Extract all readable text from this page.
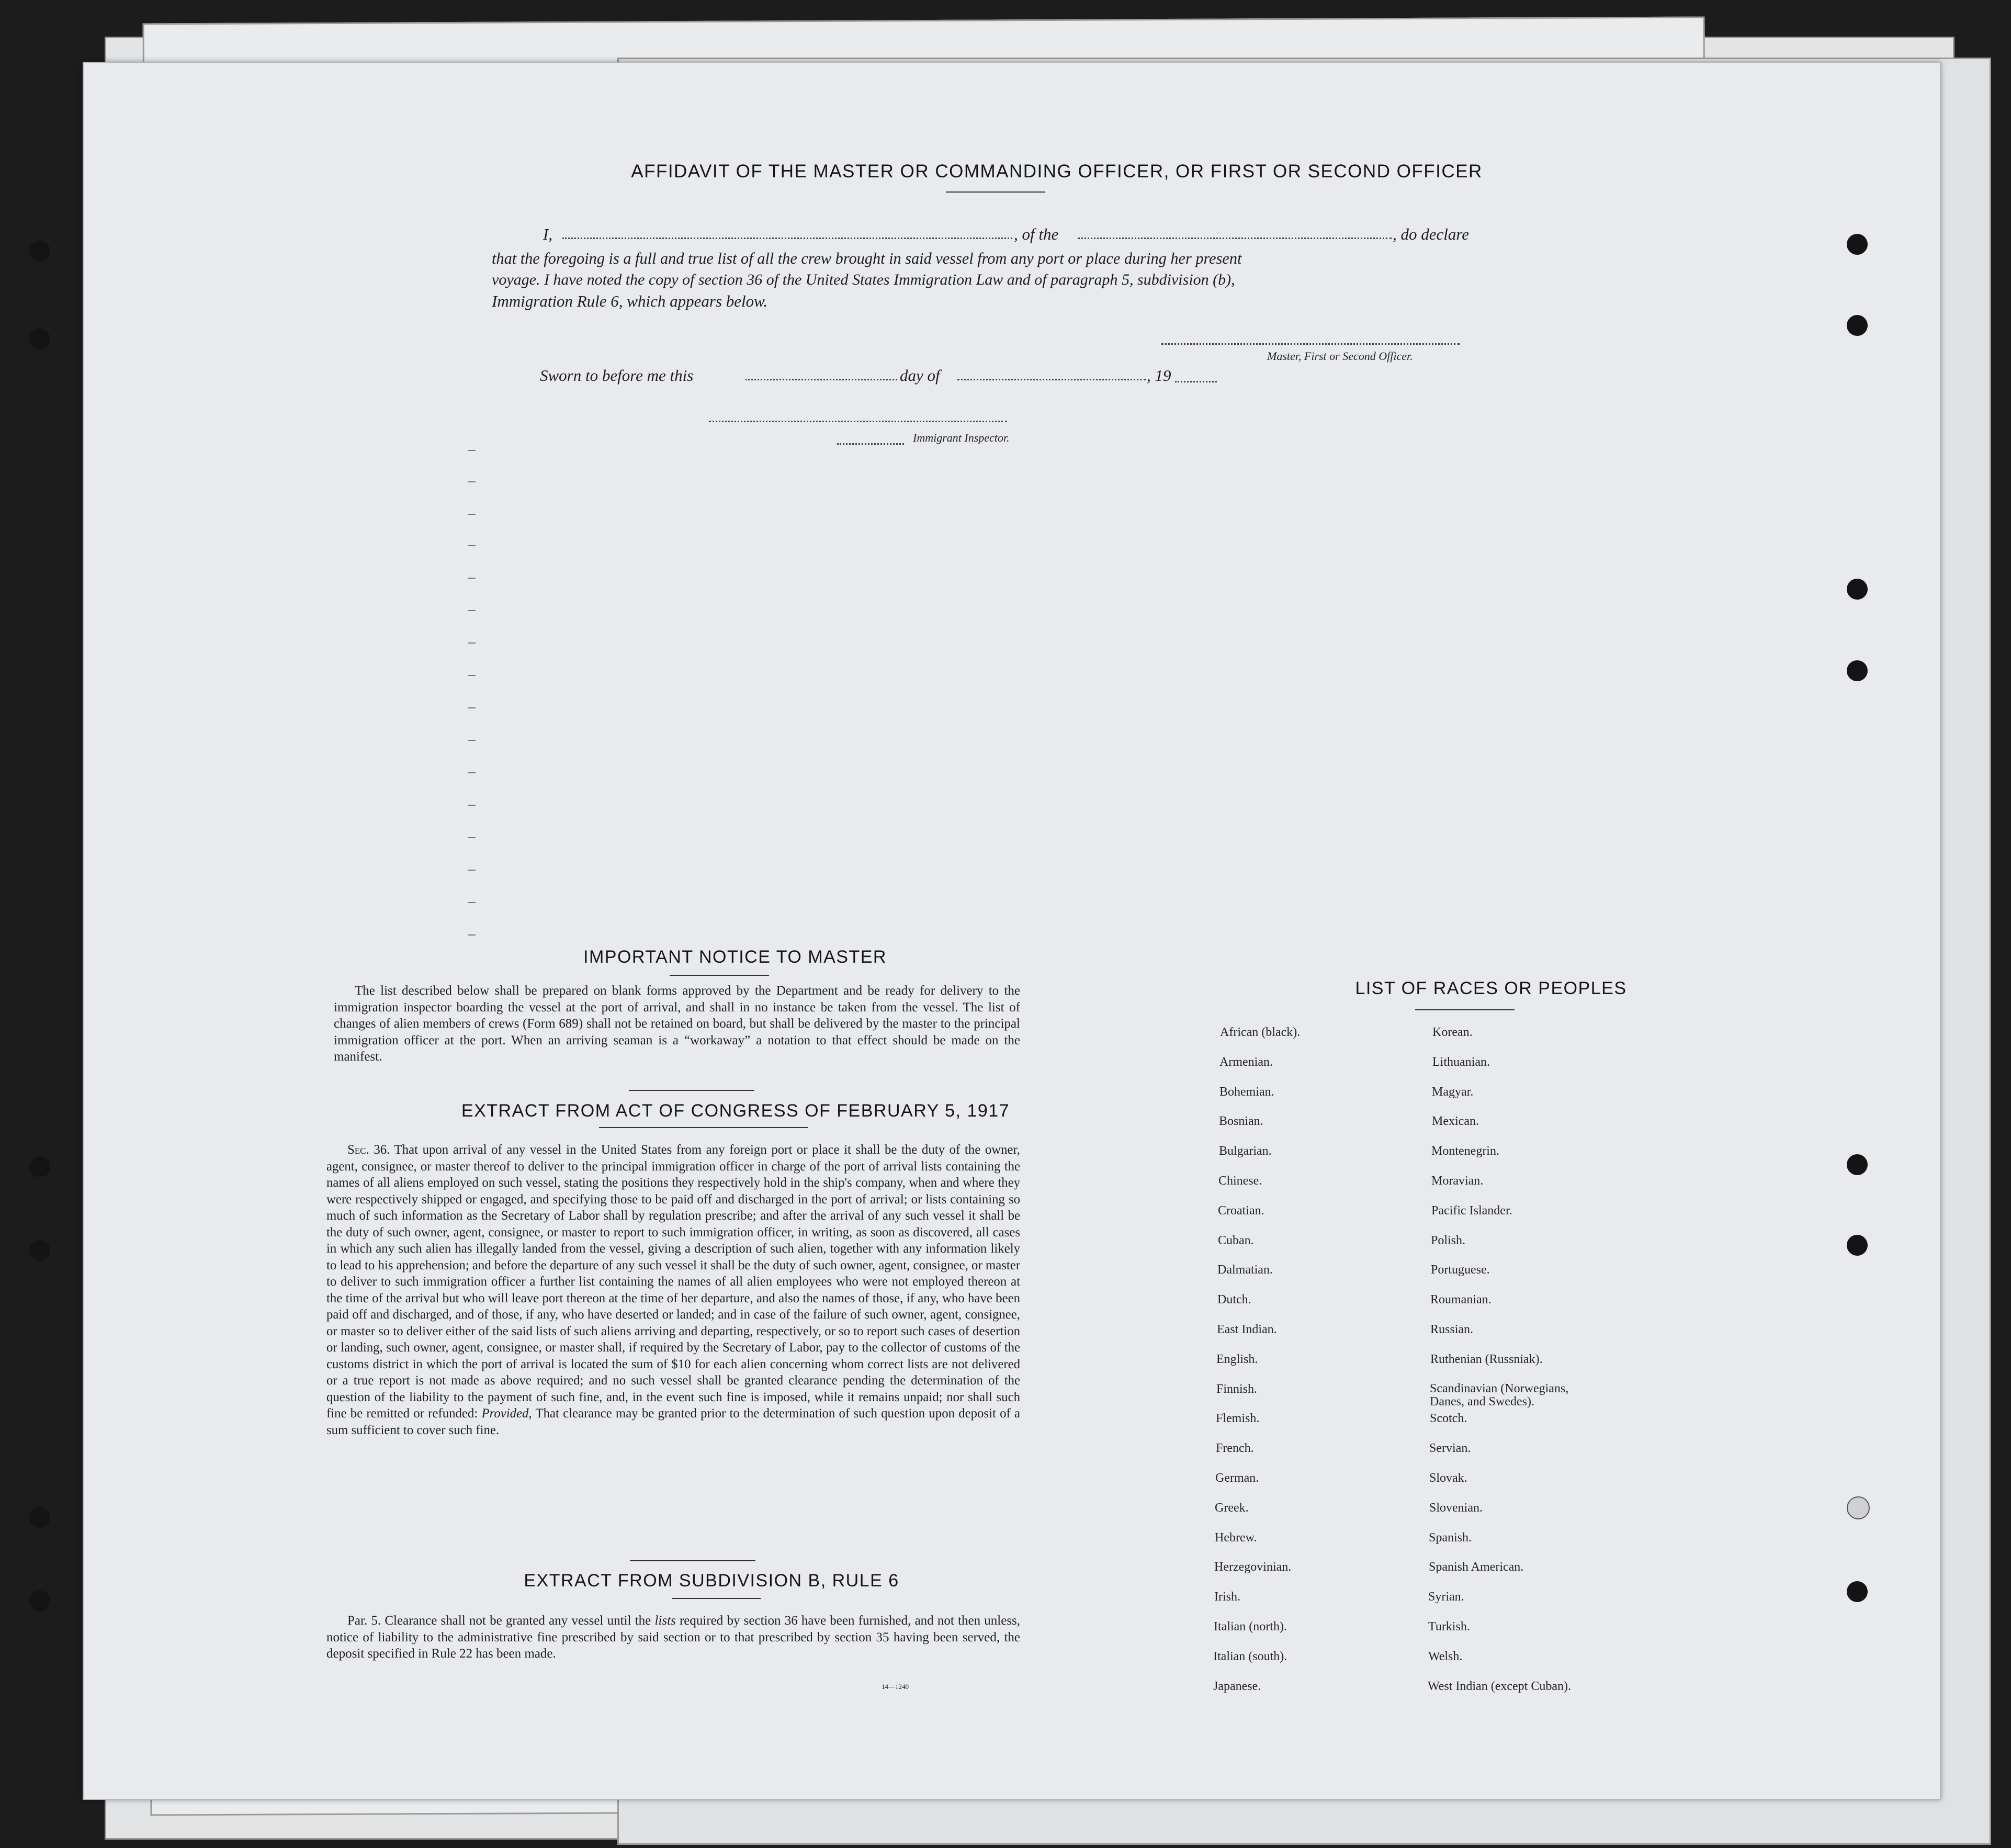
AFFIDAVIT OF THE MASTER OR COMMANDING OFFICER, OR FIRST OR SECOND OFFICER
I,	, of the	, do declare
that the foregoing is a full and true list of all the crew brought in said vessel from any port or place during her present
voyage. I have noted the copy of section 36 of the United States Immigration Law and of paragraph 5, subdivision (b),
Immigration Rule 6, which appears below.
Master, First or Second Officer.
Sworn to before me this	day of	, 19
Immigrant Inspector.
IMPORTANT NOTICE TO MASTER

The list described below shall be prepared on blank forms approved by the Department and be ready for delivery to the immigration inspector boarding the vessel at the port of arrival, and shall in no instance be taken from the vessel. The list of changes of alien members of crews (Form 689) shall not be retained on board, but shall be delivered by the master to the principal immigration officer at the port. When an arriving seaman is a “workaway” a notation to that effect should be made on the manifest.

EXTRACT FROM ACT OF CONGRESS OF FEBRUARY 5, 1917

Sec. 36. That upon arrival of any vessel in the United States from any foreign port or place it shall be the duty of the owner, agent, consignee, or master thereof to deliver to the principal immigration officer in charge of the port of arrival lists containing the names of all aliens employed on such vessel, stating the positions they respectively hold in the ship's company, when and where they were respectively shipped or engaged, and specifying those to be paid off and discharged in the port of arrival; or lists containing so much of such information as the Secretary of Labor shall by regulation prescribe; and after the arrival of any such vessel it shall be the duty of such owner, agent, consignee, or master to report to such immigration officer, in writing, as soon as discovered, all cases in which any such alien has illegally landed from the vessel, giving a description of such alien, together with any information likely to lead to his apprehension; and before the departure of any such vessel it shall be the duty of such owner, agent, consignee, or master to deliver to such immigration officer a further list containing the names of all alien employees who were not employed thereon at the time of the arrival but who will leave port thereon at the time of her departure, and also the names of those, if any, who have been paid off and discharged, and of those, if any, who have deserted or landed; and in case of the failure of such owner, agent, consignee, or master so to deliver either of the said lists of such aliens arriving and departing, respectively, or so to report such cases of desertion or landing, such owner, agent, consignee, or master shall, if required by the Secretary of Labor, pay to the collector of customs of the customs district in which the port of arrival is located the sum of $10 for each alien concerning whom correct lists are not delivered or a true report is not made as above required; and no such vessel shall be granted clearance pending the determination of the question of the liability to the payment of such fine, and, in the event such fine is imposed, while it remains unpaid; nor shall such fine be remitted or refunded: Provided, That clearance may be granted prior to the determination of such question upon deposit of a sum sufficient to cover such fine.

EXTRACT FROM SUBDIVISION B, RULE 6

Par. 5. Clearance shall not be granted any vessel until the lists required by section 36 have been furnished, and not then unless, notice of liability to the administrative fine prescribed by said section or to that prescribed by section 35 having been served, the deposit specified in Rule 22 has been made.

14—1240
LIST OF RACES OR PEOPLES
African (black).
Armenian.
Bohemian.
Bosnian.
Bulgarian.
Chinese.
Croatian.
Cuban.
Dalmatian.
Dutch.
East Indian.
English.
Finnish.
Flemish.
French.
German.
Greek.
Hebrew.
Herzegovinian.
Irish.
Italian (north).
Italian (south).
Japanese.
Korean.
Lithuanian.
Magyar.
Mexican.
Montenegrin.
Moravian.
Pacific Islander.
Polish.
Portuguese.
Roumanian.
Russian.
Ruthenian (Russniak).
Scandinavian (Norwegians,
Danes, and Swedes).
Scotch.
Servian.
Slovak.
Slovenian.
Spanish.
Spanish American.
Syrian.
Turkish.
Welsh.
West Indian (except Cuban).
